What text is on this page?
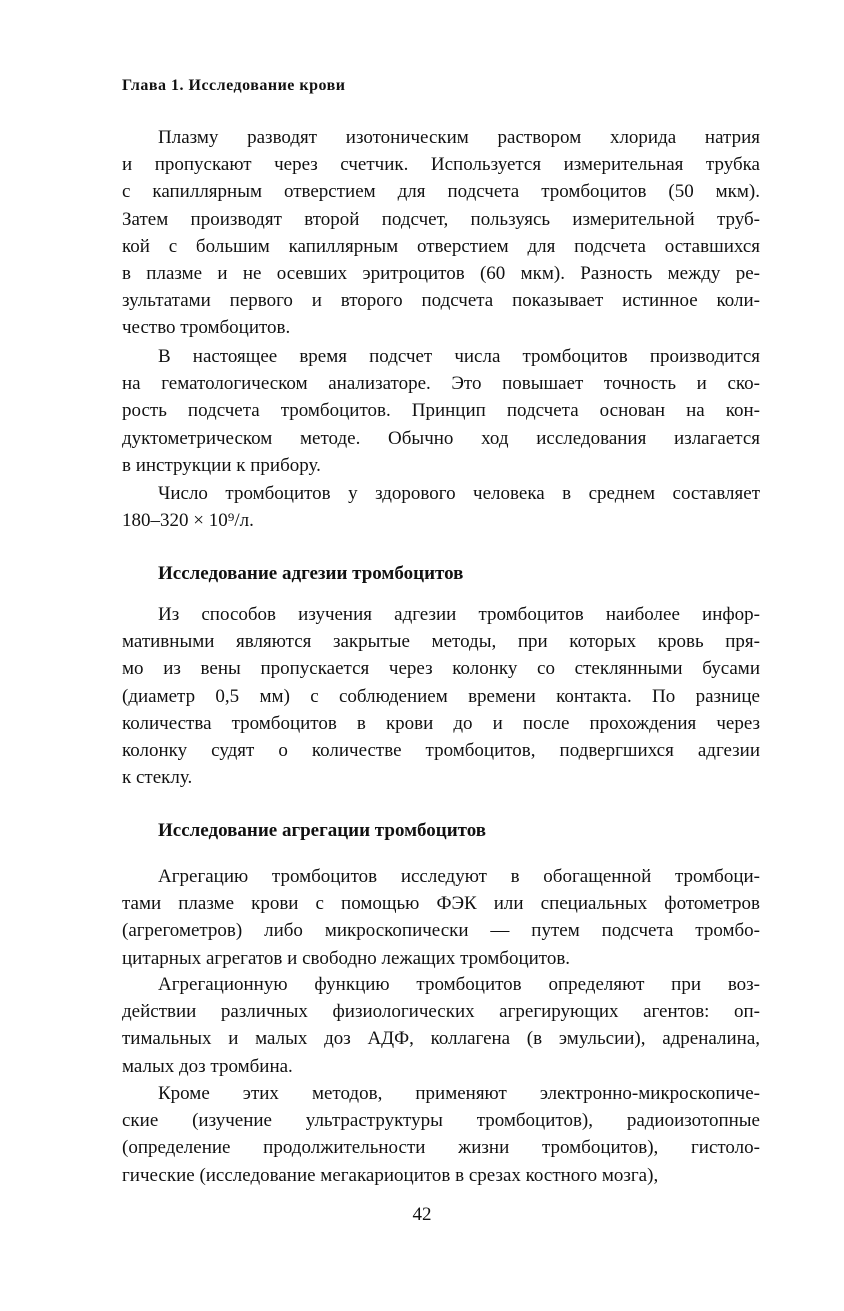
Глава 1. Исследование крови
Плазму разводят изотоническим раствором хлорида натрия
и пропускают через счетчик. Используется измерительная трубка
с капиллярным отверстием для подсчета тромбоцитов (50 мкм).
Затем производят второй подсчет, пользуясь измерительной труб-
кой с большим капиллярным отверстием для подсчета оставшихся
в плазме и не осевших эритроцитов (60 мкм). Разность между ре-
зультатами первого и второго подсчета показывает истинное коли-
чество тромбоцитов.
В настоящее время подсчет числа тромбоцитов производится
на гематологическом анализаторе. Это повышает точность и ско-
рость подсчета тромбоцитов. Принцип подсчета основан на кон-
дуктометрическом методе. Обычно ход исследования излагается
в инструкции к прибору.
Число тромбоцитов у здорового человека в среднем составляет
180–320 × 10⁹/л.
Исследование адгезии тромбоцитов
Из способов изучения адгезии тромбоцитов наиболее инфор-
мативными являются закрытые методы, при которых кровь пря-
мо из вены пропускается через колонку со стеклянными бусами
(диаметр 0,5 мм) с соблюдением времени контакта. По разнице
количества тромбоцитов в крови до и после прохождения через
колонку судят о количестве тромбоцитов, подвергшихся адгезии
к стеклу.
Исследование агрегации тромбоцитов
Агрегацию тромбоцитов исследуют в обогащенной тромбоци-
тами плазме крови с помощью ФЭК или специальных фотометров
(агрегометров) либо микроскопически — путем подсчета тромбо-
цитарных агрегатов и свободно лежащих тромбоцитов.
Агрегационную функцию тромбоцитов определяют при воз-
действии различных физиологических агрегирующих агентов: оп-
тимальных и малых доз АДФ, коллагена (в эмульсии), адреналина,
малых доз тромбина.
Кроме этих методов, применяют электронно-микроскопиче-
ские (изучение ультраструктуры тромбоцитов), радиоизотопные
(определение продолжительности жизни тромбоцитов), гистоло-
гические (исследование мегакариоцитов в срезах костного мозга),
42
